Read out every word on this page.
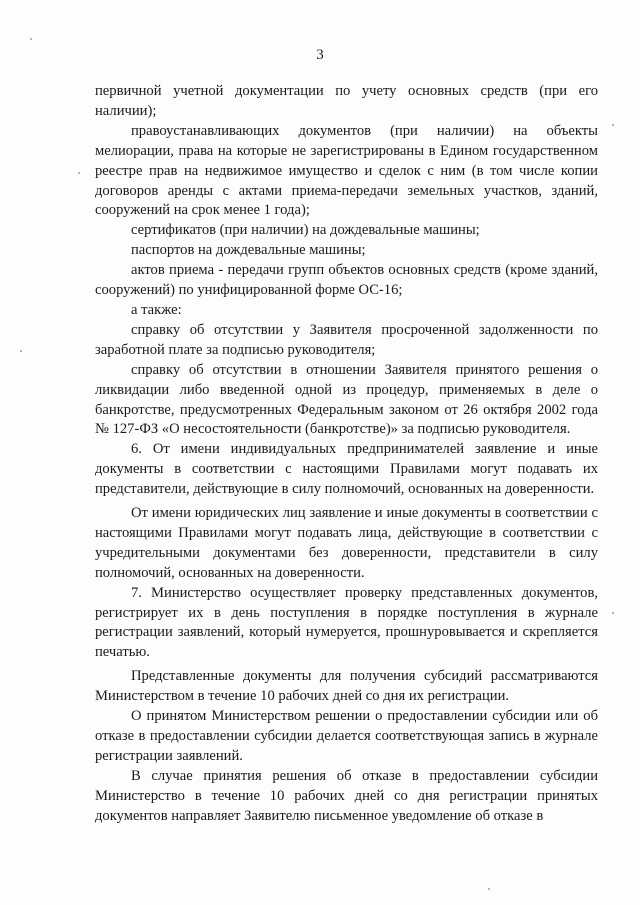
3

первичной учетной документации по учету основных средств (при его наличии);

правоустанавливающих документов (при наличии) на объекты мелиорации, права на которые не зарегистрированы в Едином государственном реестре прав на недвижимое имущество и сделок с ним (в том числе копии договоров аренды с актами приема-передачи земельных участков, зданий, сооружений на срок менее 1 года);

сертификатов (при наличии) на дождевальные машины;

паспортов на дождевальные машины;

актов приема - передачи групп объектов основных средств (кроме зданий, сооружений) по унифицированной форме ОС-16;

а также:

справку об отсутствии у Заявителя просроченной задолженности по заработной плате за подписью руководителя;

справку об отсутствии в отношении Заявителя принятого решения о ликвидации либо введенной одной из процедур, применяемых в деле о банкротстве, предусмотренных Федеральным законом от 26 октября 2002 года № 127-ФЗ «О несостоятельности (банкротстве)» за подписью руководителя.

6. От имени индивидуальных предпринимателей заявление и иные документы в соответствии с настоящими Правилами могут подавать их представители, действующие в силу полномочий, основанных на доверенности.

От имени юридических лиц заявление и иные документы в соответствии с настоящими Правилами могут подавать лица, действующие в соответствии с учредительными документами без доверенности, представители в силу полномочий, основанных на доверенности.

7. Министерство осуществляет проверку представленных документов, регистрирует их в день поступления в порядке поступления в журнале регистрации заявлений, который нумеруется, прошнуровывается и скрепляется печатью.

Представленные документы для получения субсидий рассматриваются Министерством в течение 10 рабочих дней со дня их регистрации.

О принятом Министерством решении о предоставлении субсидии или об отказе в предоставлении субсидии делается соответствующая запись в журнале регистрации заявлений.

В случае принятия решения об отказе в предоставлении субсидии Министерство в течение 10 рабочих дней со дня регистрации принятых документов направляет Заявителю письменное уведомление об отказе в
